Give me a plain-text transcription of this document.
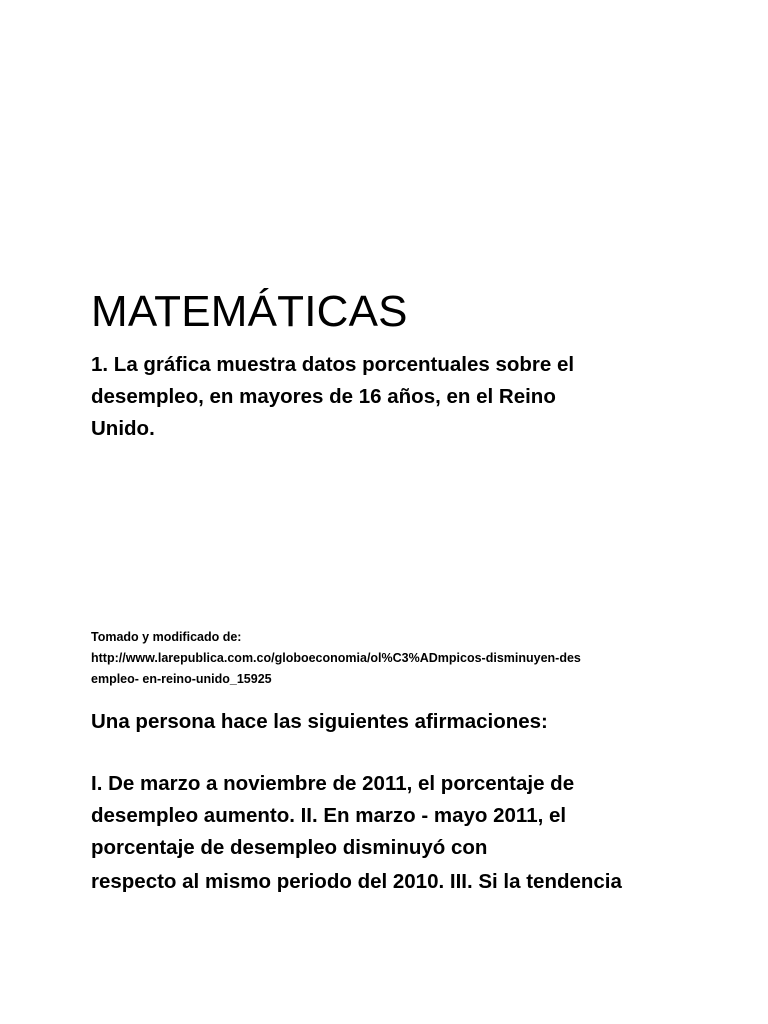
MATEMÁTICAS

1. La gráfica muestra datos porcentuales sobre el
desempleo, en mayores de 16 años, en el Reino
Unido.

Tomado y modificado de:
http://www.larepublica.com.co/globoeconomia/ol%C3%ADmpicos-disminuyen-des
empleo- en-reino-unido_15925

Una persona hace las siguientes afirmaciones:

I. De marzo a noviembre de 2011, el porcentaje de
desempleo aumento. II. En marzo - mayo 2011, el
porcentaje de desempleo disminuyó con
respecto al mismo periodo del 2010. III. Si la tendencia
